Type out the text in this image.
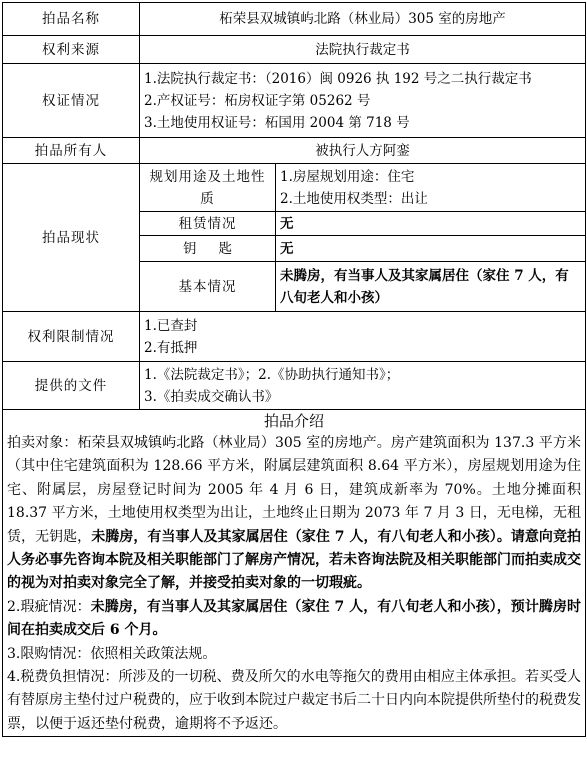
拍品名称	柘荣县双城镇屿北路（林业局）305 室的房地产	
权利来源	法院执行裁定书	
权证情况	1.法院执行裁定书：（2016）闽 0926 执 192 号之二执行裁定书
2.产权证号：柘房权证字第 05262 号
3.土地使用权证号：柘国用 2004 第 718 号	

拍品所有人	被执行人方阿銮	
拍品现状	规划用途及土地性质	1.房屋规划用途：住宅
2.土地使用权类型：出让

	租赁情况	无
	钥匙	无
	基本情况	未腾房，有当事人及其家属居住（家住 7 人，有八旬老人和小孩）
权利限制情况	1.已查封
2.有抵押	

提供的文件	1.《法院裁定书》；2.《协助执行通知书》；
3.《拍卖成交确认书》	

拍品介绍

拍卖对象：柘荣县双城镇屿北路（林业局）305 室的房地产。房产建筑面积为 137.3 平方米（其中住宅建筑面积为 128.66 平方米，附属层建筑面积 8.64 平方米），房屋规划用途为住宅、附属层，房屋登记时间为 2005 年 4 月 6 日，建筑成新率为 70%。土地分摊面积 18.37 平方米，土地使用权类型为出让，土地终止日期为 2073 年 7 月 3 日，无电梯，无租赁，无钥匙，未腾房，有当事人及其家属居住（家住 7 人，有八旬老人和小孩）。请意向竞拍人务必事先咨询本院及相关职能部门了解房产情况，若未咨询法院及相关职能部门而拍卖成交的视为对拍卖对象完全了解，并接受拍卖对象的一切瑕疵。

2.瑕疵情况：未腾房，有当事人及其家属居住（家住 7 人，有八旬老人和小孩），预计腾房时间在拍卖成交后 6 个月。

3.限购情况：依照相关政策法规。

4.税费负担情况：所涉及的一切税、费及所欠的水电等拖欠的费用由相应主体承担。若买受人有替原房主垫付过户税费的，应于收到本院过户裁定书后二十日内向本院提供所垫付的税费发票，以便于返还垫付税费，逾期将不予返还。		
